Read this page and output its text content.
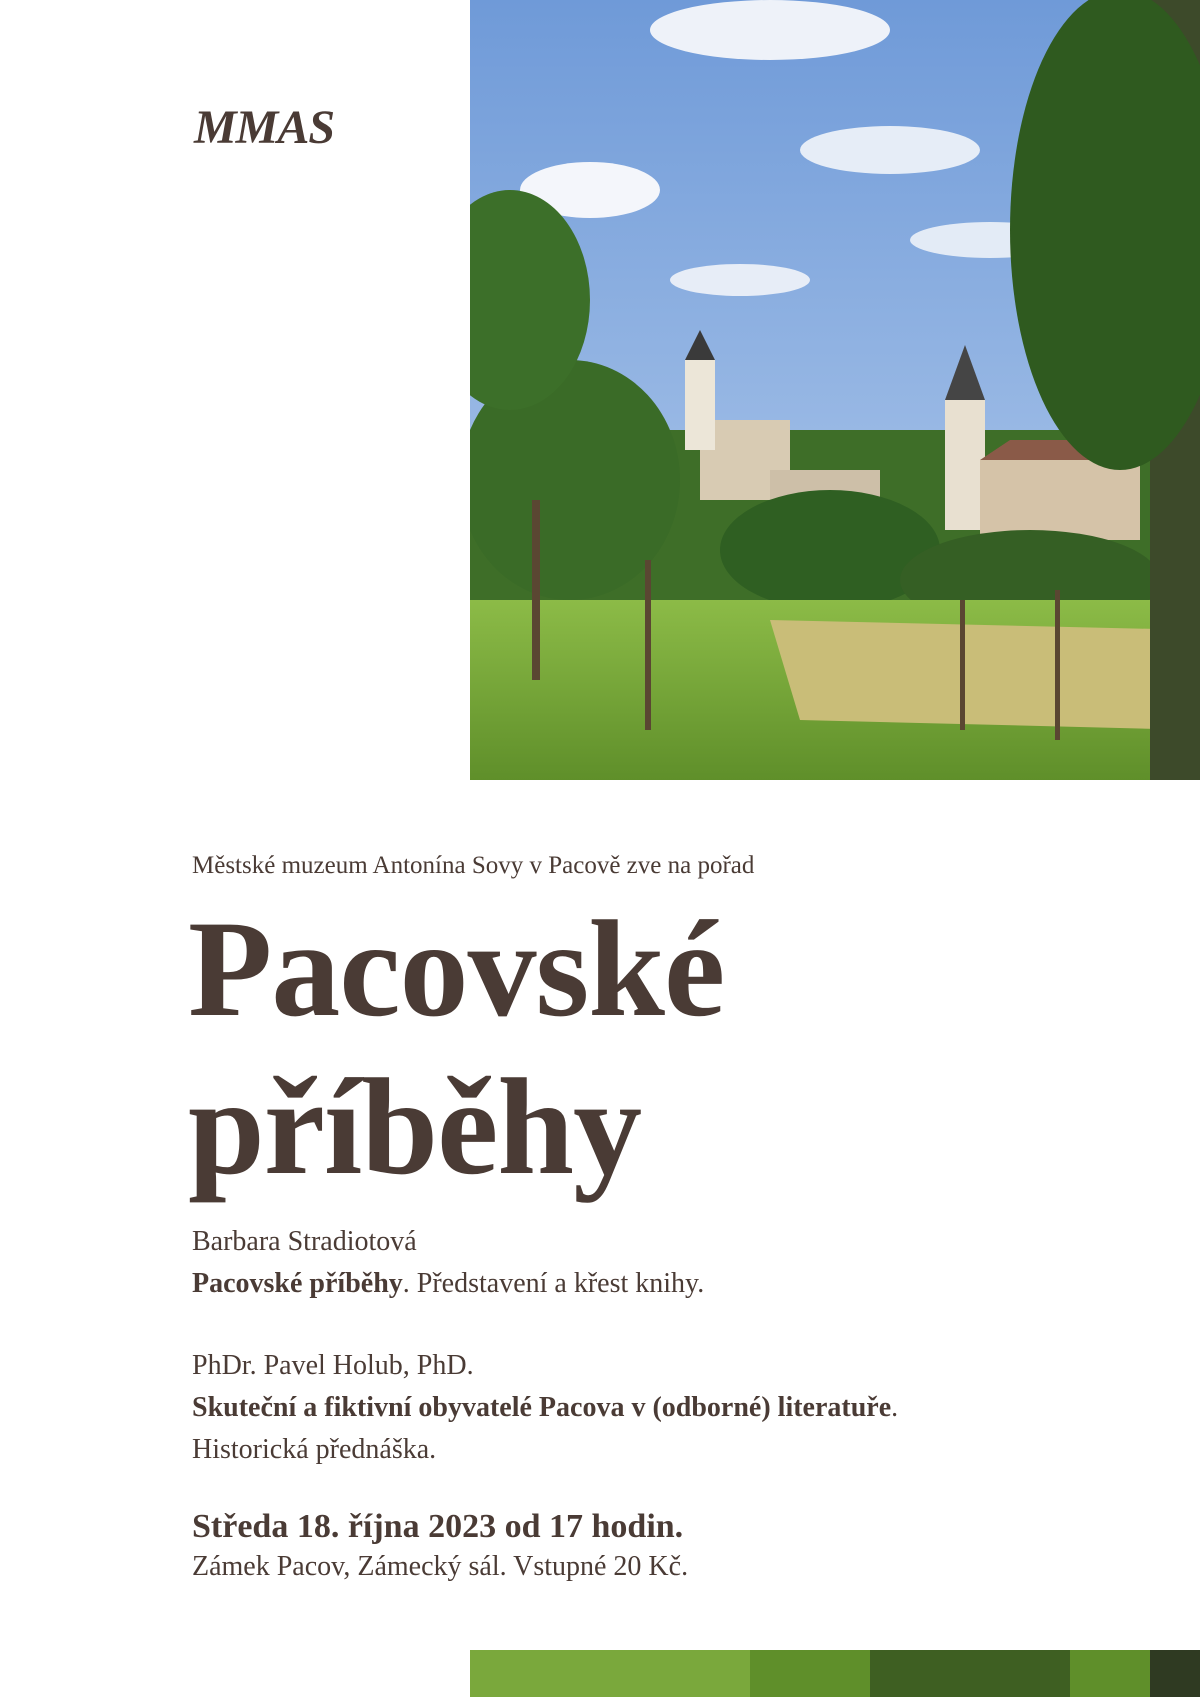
MMAS
Městské muzeum Antonína Sovy v Pacově zve na pořad
Pacovské
příběhy
Barbara Stradiotová
Pacovské příběhy. Představení a křest knihy.
PhDr. Pavel Holub, PhD.
Skuteční a fiktivní obyvatelé Pacova v (odborné) literatuře.
Historická přednáška.
Středa 18. října 2023 od 17 hodin.
Zámek Pacov, Zámecký sál. Vstupné 20 Kč.
